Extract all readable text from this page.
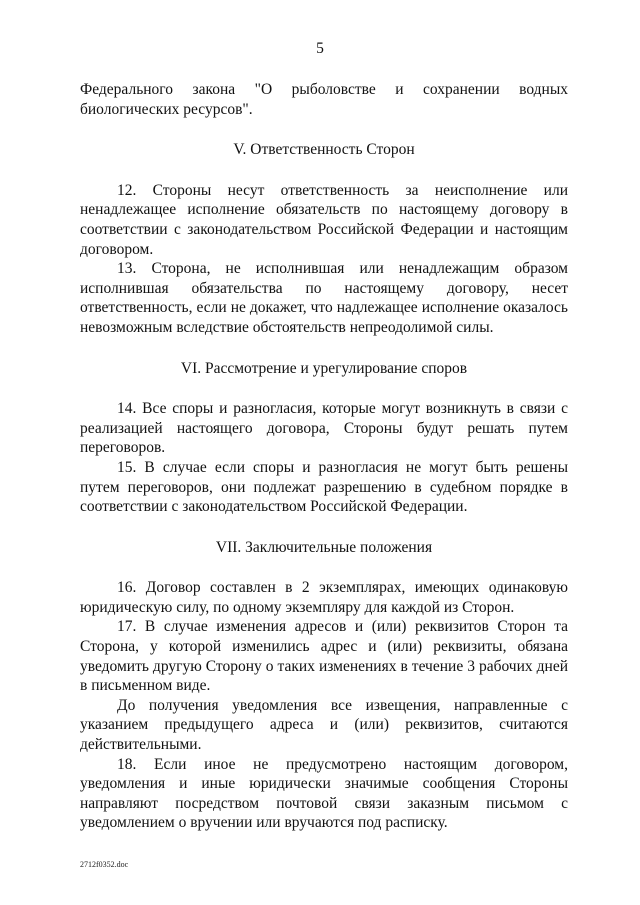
5

Федерального закона "О рыболовстве и сохранении водных биологических ресурсов".

V. Ответственность Сторон

12. Стороны несут ответственность за неисполнение или ненадлежащее исполнение обязательств по настоящему договору в соответствии с законодательством Российской Федерации и настоящим договором.

13. Сторона, не исполнившая или ненадлежащим образом исполнившая обязательства по настоящему договору, несет ответственность, если не докажет, что надлежащее исполнение оказалось невозможным вследствие обстоятельств непреодолимой силы.

VI. Рассмотрение и урегулирование споров

14. Все споры и разногласия, которые могут возникнуть в связи с реализацией настоящего договора, Стороны будут решать путем переговоров.

15. В случае если споры и разногласия не могут быть решены путем переговоров, они подлежат разрешению в судебном порядке в соответствии с законодательством Российской Федерации.

VII. Заключительные положения

16. Договор составлен в 2 экземплярах, имеющих одинаковую юридическую силу, по одному экземпляру для каждой из Сторон.

17. В случае изменения адресов и (или) реквизитов Сторон та Сторона, у которой изменились адрес и (или) реквизиты, обязана уведомить другую Сторону о таких изменениях в течение 3 рабочих дней в письменном виде.

До получения уведомления все извещения, направленные с указанием предыдущего адреса и (или) реквизитов, считаются действительными.

18. Если иное не предусмотрено настоящим договором, уведомления и иные юридически значимые сообщения Стороны направляют посредством почтовой связи заказным письмом с уведомлением о вручении или вручаются под расписку.

2712f0352.doc
